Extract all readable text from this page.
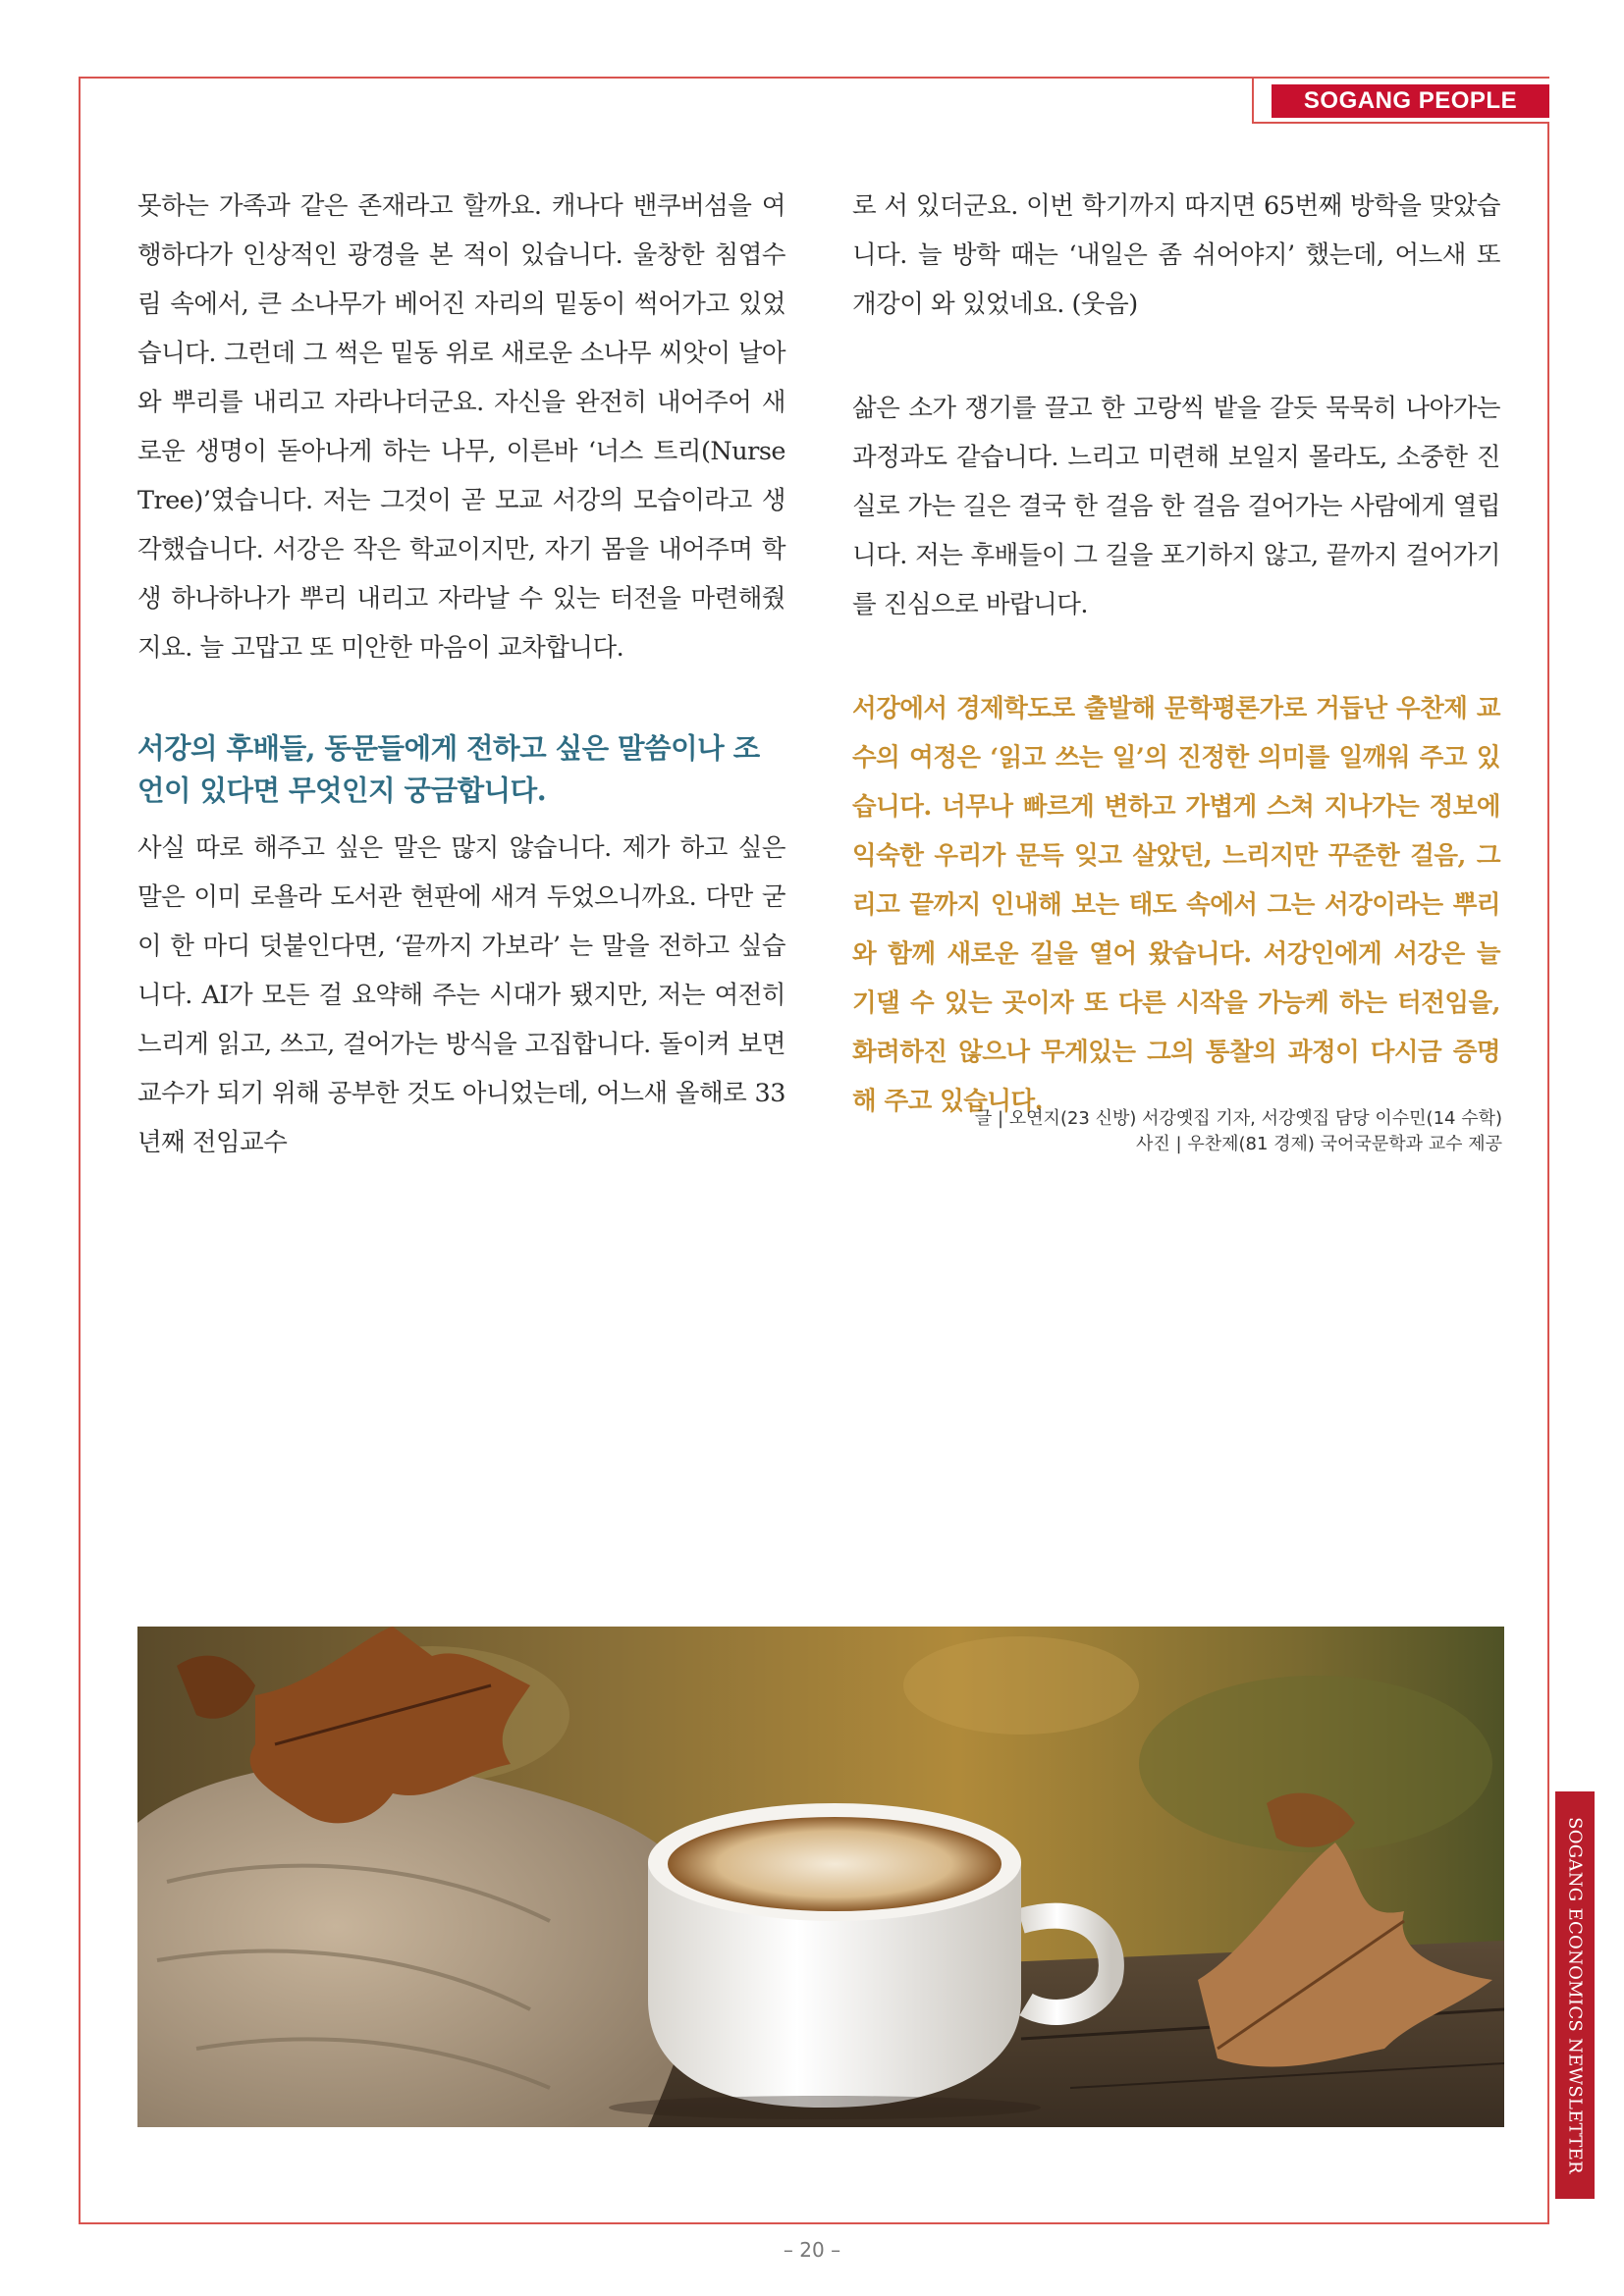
SOGANG PEOPLE

못하는 가족과 같은 존재라고 할까요. 캐나다 밴쿠버섬을 여행하다가 인상적인 광경을 본 적이 있습니다. 울창한 침엽수림 속에서, 큰 소나무가 베어진 자리의 밑동이 썩어가고 있었습니다. 그런데 그 썩은 밑동 위로 새로운 소나무 씨앗이 날아와 뿌리를 내리고 자라나더군요. 자신을 완전히 내어주어 새로운 생명이 돋아나게 하는 나무, 이른바 ‘너스 트리(Nurse Tree)’였습니다. 저는 그것이 곧 모교 서강의 모습이라고 생각했습니다. 서강은 작은 학교이지만, 자기 몸을 내어주며 학생 하나하나가 뿌리 내리고 자라날 수 있는 터전을 마련해줬지요. 늘 고맙고 또 미안한 마음이 교차합니다.

서강의 후배들, 동문들에게 전하고 싶은 말씀이나 조언이 있다면 무엇인지 궁금합니다.

사실 따로 해주고 싶은 말은 많지 않습니다. 제가 하고 싶은 말은 이미 로욜라 도서관 현판에 새겨 두었으니까요. 다만 굳이 한 마디 덧붙인다면, ‘끝까지 가보라’ 는 말을 전하고 싶습니다. AI가 모든 걸 요약해 주는 시대가 됐지만, 저는 여전히 느리게 읽고, 쓰고, 걸어가는 방식을 고집합니다. 돌이켜 보면 교수가 되기 위해 공부한 것도 아니었는데, 어느새 올해로 33년째 전임교수

로 서 있더군요. 이번 학기까지 따지면 65번째 방학을 맞았습니다. 늘 방학 때는 ‘내일은 좀 쉬어야지’ 했는데, 어느새 또 개강이 와 있었네요. (웃음)

삶은 소가 쟁기를 끌고 한 고랑씩 밭을 갈듯 묵묵히 나아가는 과정과도 같습니다. 느리고 미련해 보일지 몰라도, 소중한 진실로 가는 길은 결국 한 걸음 한 걸음 걸어가는 사람에게 열립니다. 저는 후배들이 그 길을 포기하지 않고, 끝까지 걸어가기를 진심으로 바랍니다.

서강에서 경제학도로 출발해 문학평론가로 거듭난 우찬제 교수의 여정은 ‘읽고 쓰는 일’의 진정한 의미를 일깨워 주고 있습니다. 너무나 빠르게 변하고 가볍게 스쳐 지나가는 정보에 익숙한 우리가 문득 잊고 살았던, 느리지만 꾸준한 걸음, 그리고 끝까지 인내해 보는 태도 속에서 그는 서강이라는 뿌리와 함께 새로운 길을 열어 왔습니다. 서강인에게 서강은 늘 기댈 수 있는 곳이자 또 다른 시작을 가능케 하는 터전임을, 화려하진 않으나 무게있는 그의 통찰의 과정이 다시금 증명해 주고 있습니다.

글 | 오연지(23 신방) 서강옛집 기자, 서강옛집 담당 이수민(14 수학)
사진 | 우찬제(81 경제) 국어국문학과 교수 제공
SOGANG ECONOMICS NEWSLETTER
– 20 –
